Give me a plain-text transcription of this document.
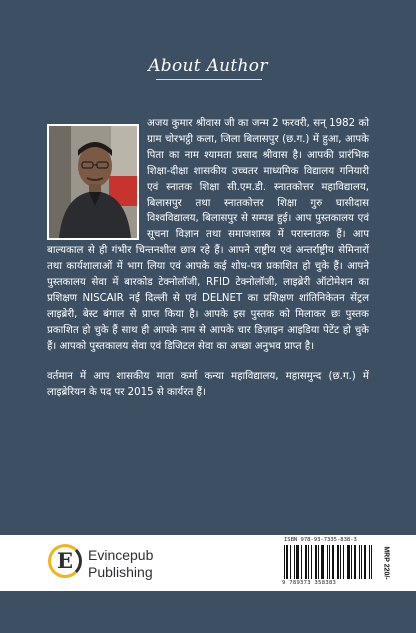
About Author

अजय कुमार श्रीवास जी का जन्म 2 फरवरी, सन् 1982 को ग्राम चोरभट्ठी कला, जिला बिलासपुर (छ.ग.) में हुआ, आपके पिता का नाम श्यामता प्रसाद श्रीवास है। आपकी प्रारंभिक शिक्षा-दीक्षा शासकीय उच्चतर माध्यमिक विद्यालय गनियारी एवं स्नातक शिक्षा सी.एम.डी. स्नातकोत्तर महाविद्यालय, बिलासपुर तथा स्नातकोत्तर शिक्षा गुरु घासीदास विश्वविद्यालय, बिलासपुर से सम्पन्न हुई। आप पुस्तकालय एवं सूचना विज्ञान तथा समाजशास्त्र में परास्नातक हैं। आप बाल्यकाल से ही गंभीर चिन्तनशील छात्र रहे हैं। आपने राष्ट्रीय एवं अन्तर्राष्ट्रीय सेमिनारों तथा कार्यशालाओं में भाग लिया एवं आपके कई शोध-पत्र प्रकाशित हो चुके हैं। आपने पुस्तकालय सेवा में बारकोड टेक्नोलॉजी, RFID टेक्नोलॉजी, लाइब्रेरी ऑटोमेशन का प्रशिक्षण NISCAIR नई दिल्ली से एवं DELNET का प्रशिक्षण शांतिनिकेतन सेंट्रल लाइब्रेरी, बेस्ट बंगाल से प्राप्त किया है। आपके इस पुस्तक को मिलाकर छः पुस्तक प्रकाशित हो चुके हैं साथ ही आपके नाम से आपके चार डिज़ाइन आइडिया पेटेंट हो चुके हैं। आपको पुस्तकालय सेवा एवं डिजिटल सेवा का अच्छा अनुभव प्राप्त है।

वर्तमान में आप शासकीय माता कर्मा कन्या महाविद्यालय, महासमुन्द (छ.ग.) में लाइब्रेरियन के पद पर 2015 से कार्यरत हैं।

E Evincepub
Publishing
ISBN 978-93-7335-838-3
9 789373 358383
MRP 220/-
